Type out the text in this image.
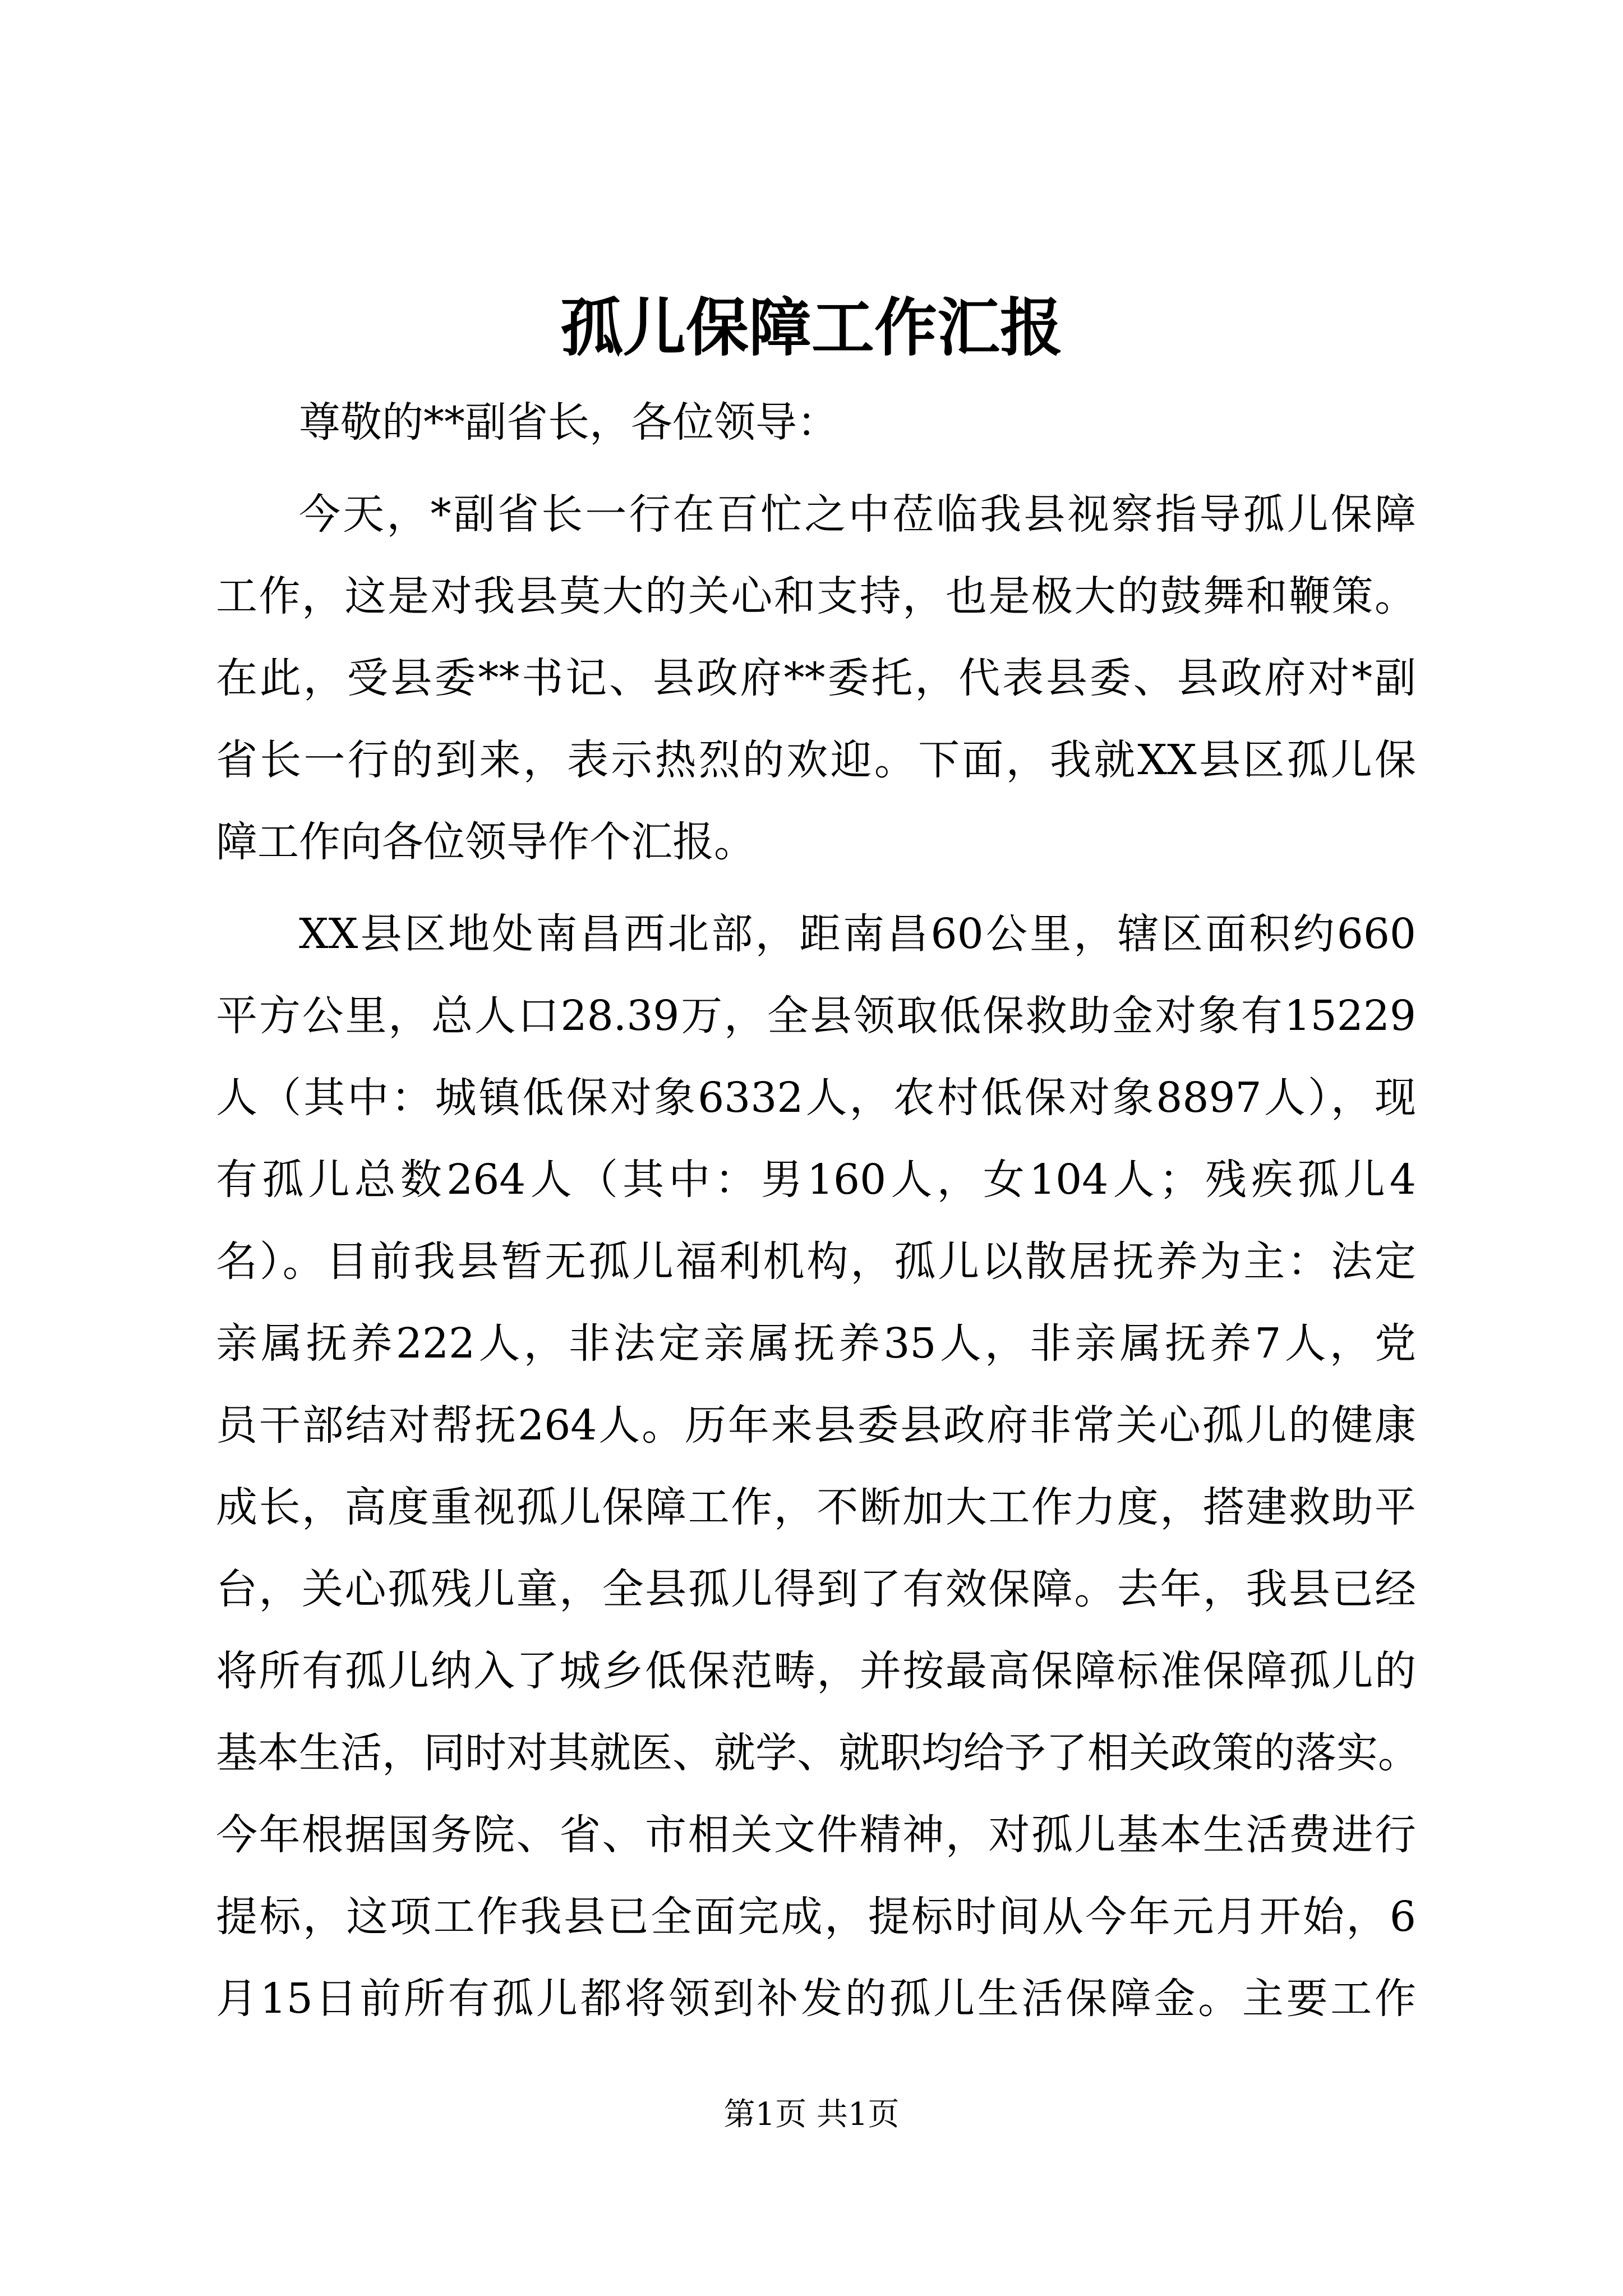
孤儿保障工作汇报
尊敬的**副省长，各位领导：
今天，*副省长一行在百忙之中莅临我县视察指导孤儿保障
工作，这是对我县莫大的关心和支持，也是极大的鼓舞和鞭策。
在此，受县委**书记、县政府**委托，代表县委、县政府对*副
省长一行的到来，表示热烈的欢迎。下面，我就XX县区孤儿保
障工作向各位领导作个汇报。
XX县区地处南昌西北部，距南昌60公里，辖区面积约660
平方公里，总人口28.39万，全县领取低保救助金对象有15229
人（其中：城镇低保对象6332人，农村低保对象8897人），现
有孤儿总数264人（其中：男160人，女104人；残疾孤儿4
名）。目前我县暂无孤儿福利机构，孤儿以散居抚养为主：法定
亲属抚养222人，非法定亲属抚养35人，非亲属抚养7人，党
员干部结对帮抚264人。历年来县委县政府非常关心孤儿的健康
成长，高度重视孤儿保障工作，不断加大工作力度，搭建救助平
台，关心孤残儿童，全县孤儿得到了有效保障。去年，我县已经
将所有孤儿纳入了城乡低保范畴，并按最高保障标准保障孤儿的
基本生活，同时对其就医、就学、就职均给予了相关政策的落实。
今年根据国务院、省、市相关文件精神，对孤儿基本生活费进行
提标，这项工作我县已全面完成，提标时间从今年元月开始，6
月15日前所有孤儿都将领到补发的孤儿生活保障金。主要工作
第1页 共1页
